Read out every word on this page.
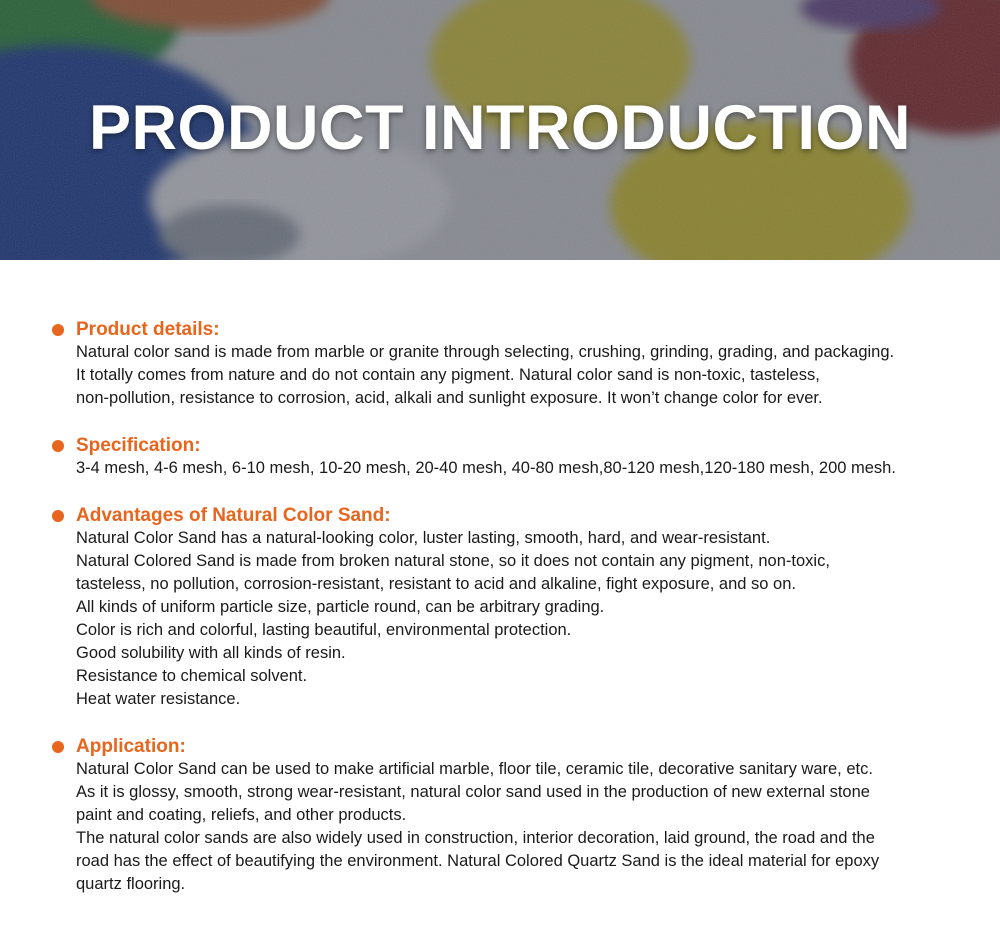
PRODUCT INTRODUCTION
Product details:
Natural color sand is made from marble or granite through selecting, crushing, grinding, grading, and packaging.
It totally comes from nature and do not contain any pigment. Natural color sand is non-toxic, tasteless,
non-pollution, resistance to corrosion, acid, alkali and sunlight exposure. It won’t change color for ever.
Specification:
3-4 mesh, 4-6 mesh, 6-10 mesh, 10-20 mesh, 20-40 mesh, 40-80 mesh,80-120 mesh,120-180 mesh, 200 mesh.
Advantages of Natural Color Sand:
Natural Color Sand has a natural-looking color, luster lasting, smooth, hard, and wear-resistant.
Natural Colored Sand is made from broken natural stone, so it does not contain any pigment, non-toxic,
tasteless, no pollution, corrosion-resistant, resistant to acid and alkaline, fight exposure, and so on.
All kinds of uniform particle size, particle round, can be arbitrary grading.
Color is rich and colorful, lasting beautiful, environmental protection.
Good solubility with all kinds of resin.
Resistance to chemical solvent.
Heat water resistance.
Application:
Natural Color Sand can be used to make artificial marble, floor tile, ceramic tile, decorative sanitary ware, etc.
As it is glossy, smooth, strong wear-resistant, natural color sand used in the production of new external stone
paint and coating, reliefs, and other products.
The natural color sands are also widely used in construction, interior decoration, laid ground, the road and the
road has the effect of beautifying the environment. Natural Colored Quartz Sand is the ideal material for epoxy
quartz flooring.
